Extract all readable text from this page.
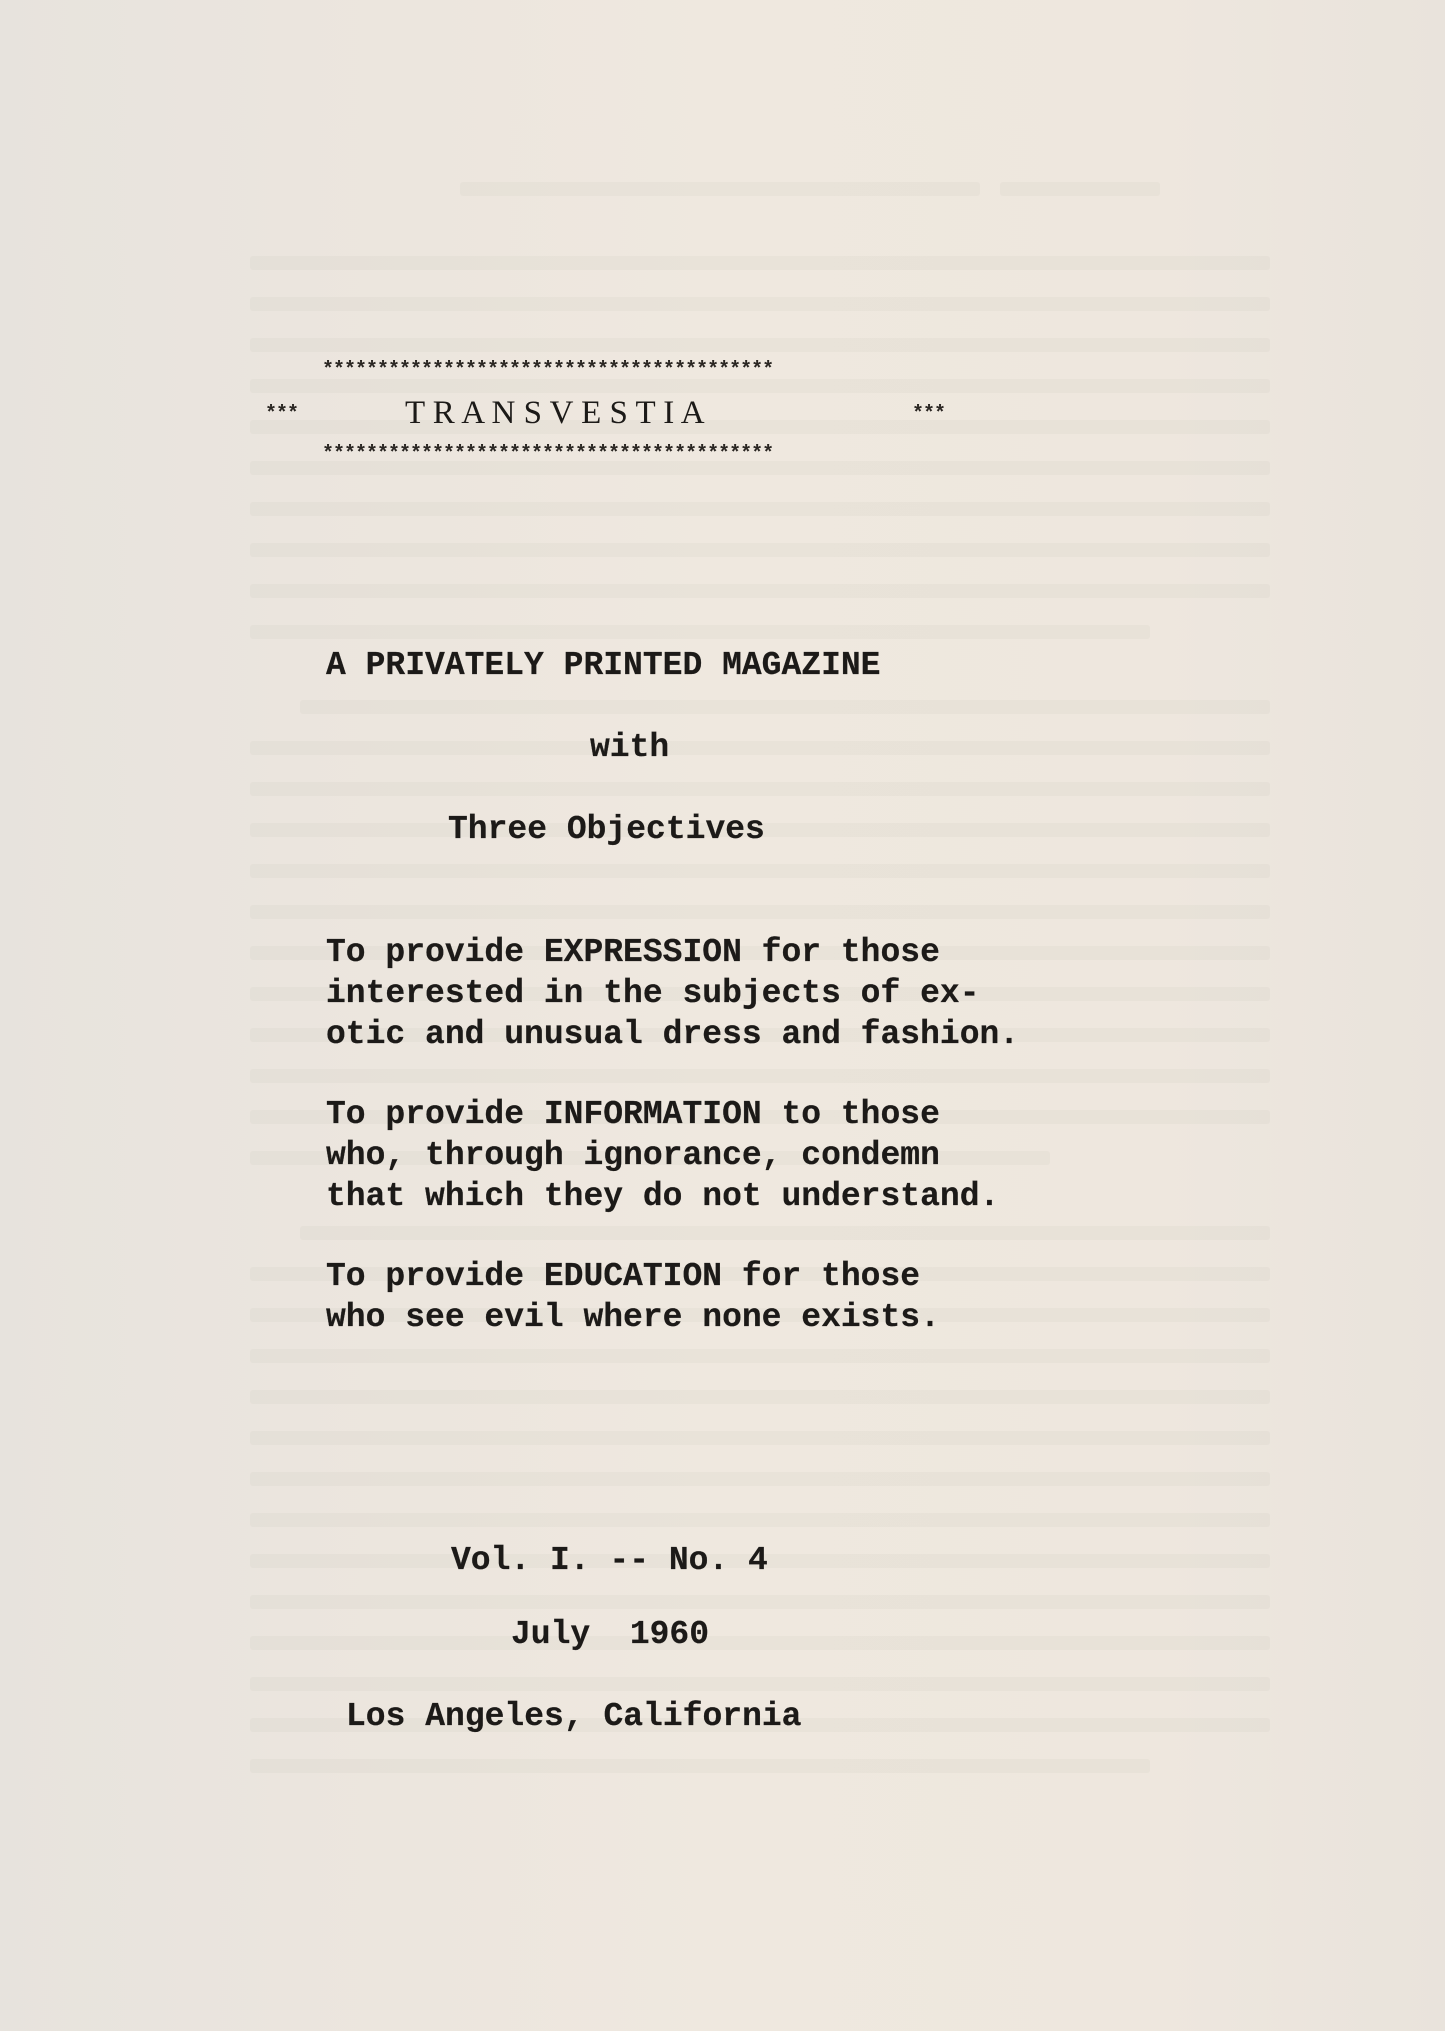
*****************************************
***	T R A N S V E S T I A	***
*****************************************
A PRIVATELY PRINTED MAGAZINE
with
Three Objectives
To provide EXPRESSION for those
interested in the subjects of ex-
otic and unusual dress and fashion.
To provide INFORMATION to those
who, through ignorance, condemn
that which they do not understand.
To provide EDUCATION for those
who see evil where none exists.
Vol. I. -- No. 4
July  1960
Los Angeles, California
